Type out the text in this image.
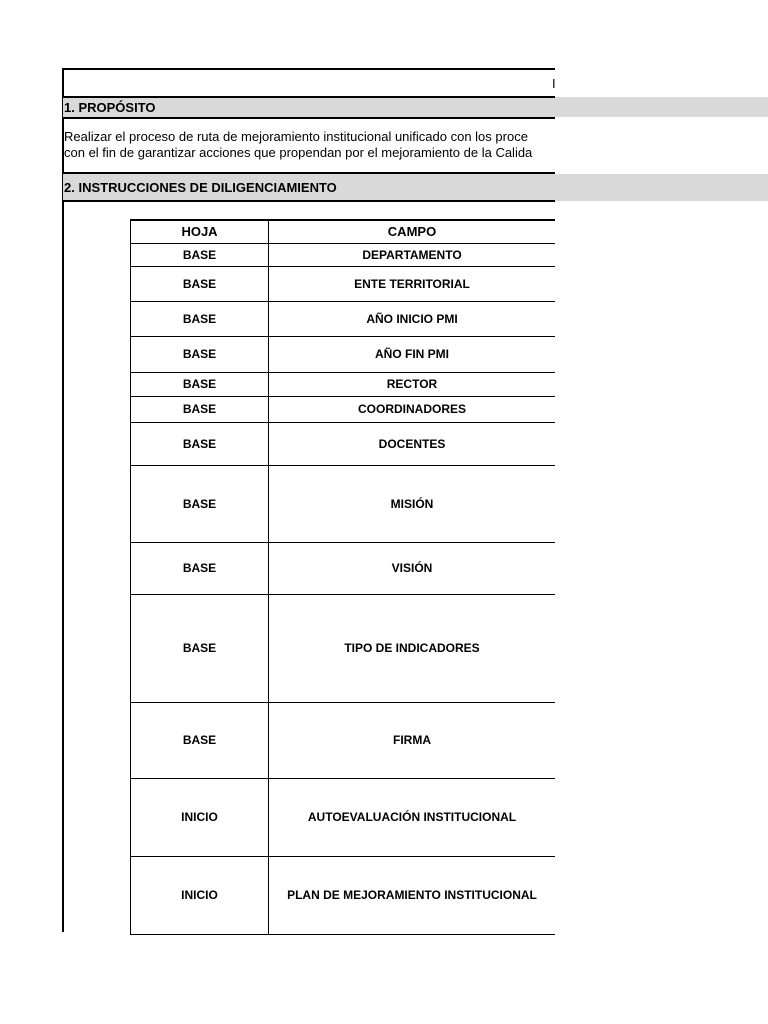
I
1. PROPÓSITO
Realizar el proceso de ruta de mejoramiento institucional unificado con los proce
con el fin de garantizar acciones que propendan por el mejoramiento de la Calida
2. INSTRUCCIONES DE DILIGENCIAMIENTO
HOJA	CAMPO	
BASE	DEPARTAMENTO	
BASE	ENTE TERRITORIAL	
BASE	AÑO INICIO PMI	
BASE	AÑO FIN PMI	
BASE	RECTOR	
BASE	COORDINADORES	
BASE	DOCENTES	
BASE	MISIÓN	
BASE	VISIÓN	
BASE	TIPO DE INDICADORES	
BASE	FIRMA	
INICIO	AUTOEVALUACIÓN INSTITUCIONAL	
INICIO	PLAN DE MEJORAMIENTO INSTITUCIONAL	
